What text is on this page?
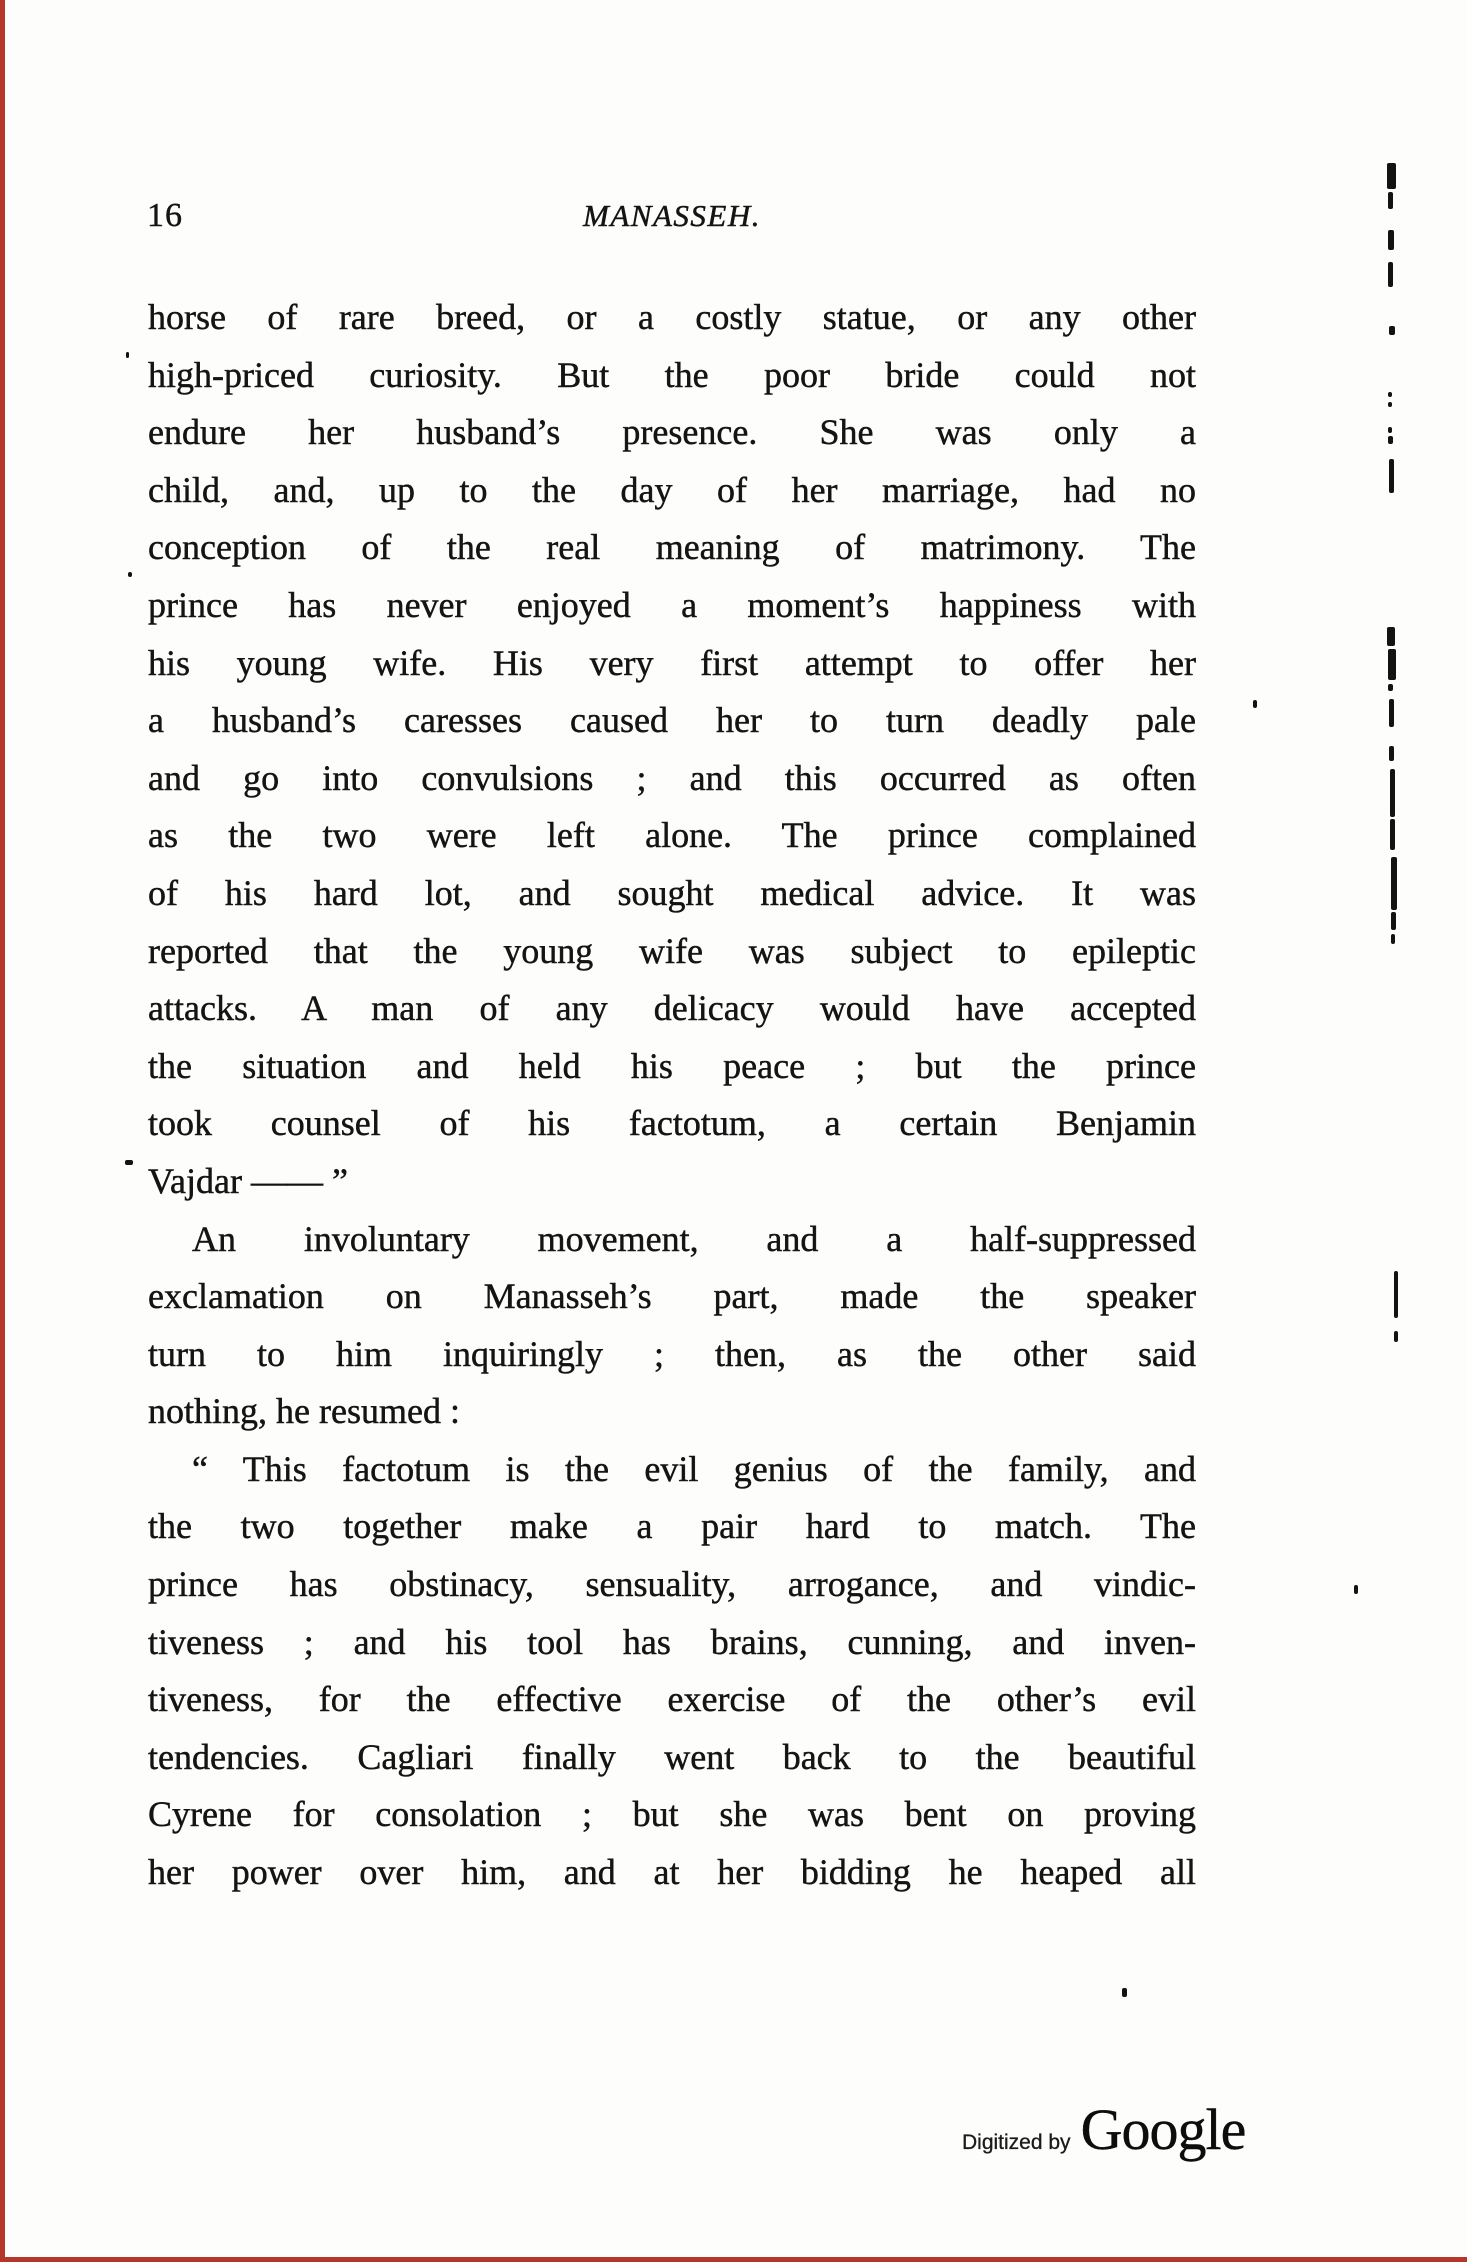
16	MANASSEH.
horse of rare breed, or a costly statue, or any other
high-priced curiosity. But the poor bride could not
endure her husband’s presence. She was only a
child, and, up to the day of her marriage, had no
conception of the real meaning of matrimony. The
prince has never enjoyed a moment’s happiness with
his young wife. His very first attempt to offer her
a husband’s caresses caused her to turn deadly pale
and go into convulsions ; and this occurred as often
as the two were left alone. The prince complained
of his hard lot, and sought medical advice. It was
reported that the young wife was subject to epileptic
attacks. A man of any delicacy would have accepted
the situation and held his peace ; but the prince
took counsel of his factotum, a certain Benjamin
Vajdar —— ”
An involuntary movement, and a half-suppressed
exclamation on Manasseh’s part, made the speaker
turn to him inquiringly ; then, as the other said
nothing, he resumed :
“ This factotum is the evil genius of the family, and
the two together make a pair hard to match. The
prince has obstinacy, sensuality, arrogance, and vindic-
tiveness ; and his tool has brains, cunning, and inven-
tiveness, for the effective exercise of the other’s evil
tendencies. Cagliari finally went back to the beautiful
Cyrene for consolation ; but she was bent on proving
her power over him, and at her bidding he heaped all
Digitized by Google
